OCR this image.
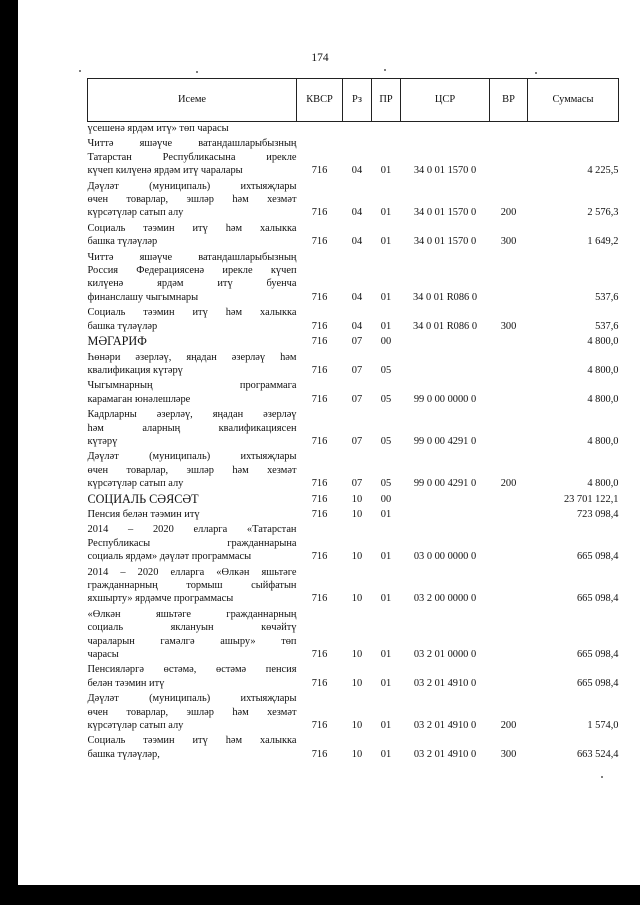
174
Исеме	КВСР	Рз	ПР	ЦСР	ВР	Суммасы

үсешенә ярдәм итү» төп чарасы						

Читтә яшәүче ватандашларыбызның
Татарстан Республикасына иреклe
күчеп килүенә ярдәм итү чаралары	716	04	01	34 0 01 1570 0		4 225,5

Дәүләт (муниципаль) ихтыяҗлары
өчен товарлар, эшләр һәм хезмәт
күрсәтүләр сатып алу	716	04	01	34 0 01 1570 0	200	2 576,3

Социаль тәэмин итү һәм халыкка
башка түләүләр	716	04	01	34 0 01 1570 0	300	1 649,2

Читтә яшәүче ватандашларыбызның
Россия Федерациясенә иреклe күчеп
килүенә ярдәм итү буенча
финанслашу чыгымнары	716	04	01	34 0 01 R086 0		537,6

Социаль тәэмин итү һәм халыкка
башка түләүләр	716	04	01	34 0 01 R086 0	300	537,6

МӘГАРИФ	716	07	00			4 800,0

Һөнәри әзерләү, яңадан әзерләү һәм
квалификация күтәрү	716	07	05			4 800,0

Чыгымнарның программага
карамаган юнәлешләре	716	07	05	99 0 00 0000 0		4 800,0

Кадрларны әзерләү, яңадан әзерләү
һәм аларның квалификациясен
күтәрү	716	07	05	99 0 00 4291 0		4 800,0

Дәүләт (муниципаль) ихтыяҗлары
өчен товарлар, эшләр һәм хезмәт
күрсәтүләр сатып алу	716	07	05	99 0 00 4291 0	200	4 800,0

СОЦИАЛЬ СӘЯСӘТ	716	10	00			23 701 122,1

Пенсия белән тәэмин итү	716	10	01			723 098,4

2014 – 2020 елларга «Татарстан
Республикасы гражданнарына
социаль ярдәм» дәүләт программасы	716	10	01	03 0 00 0000 0		665 098,4

2014 – 2020 елларга «Өлкән яшьтәге
гражданнарның тормыш сыйфатын
яхшырту» ярдәмче программасы	716	10	01	03 2 00 0000 0		665 098,4

«Өлкән яшьтәге гражданнарның
социаль яклануын көчәйтү
чараларын гамәлгә ашыру» төп
чарасы	716	10	01	03 2 01 0000 0		665 098,4

Пенсияләргә өстәмә, өстәмә пенсия
белән тәэмин итү	716	10	01	03 2 01 4910 0		665 098,4

Дәүләт (муниципаль) ихтыяҗлары
өчен товарлар, эшләр һәм хезмәт
күрсәтүләр сатып алу	716	10	01	03 2 01 4910 0	200	1 574,0

Социаль тәэмин итү һәм халыкка
башка түләүләр,	716	10	01	03 2 01 4910 0	300	663 524,4
